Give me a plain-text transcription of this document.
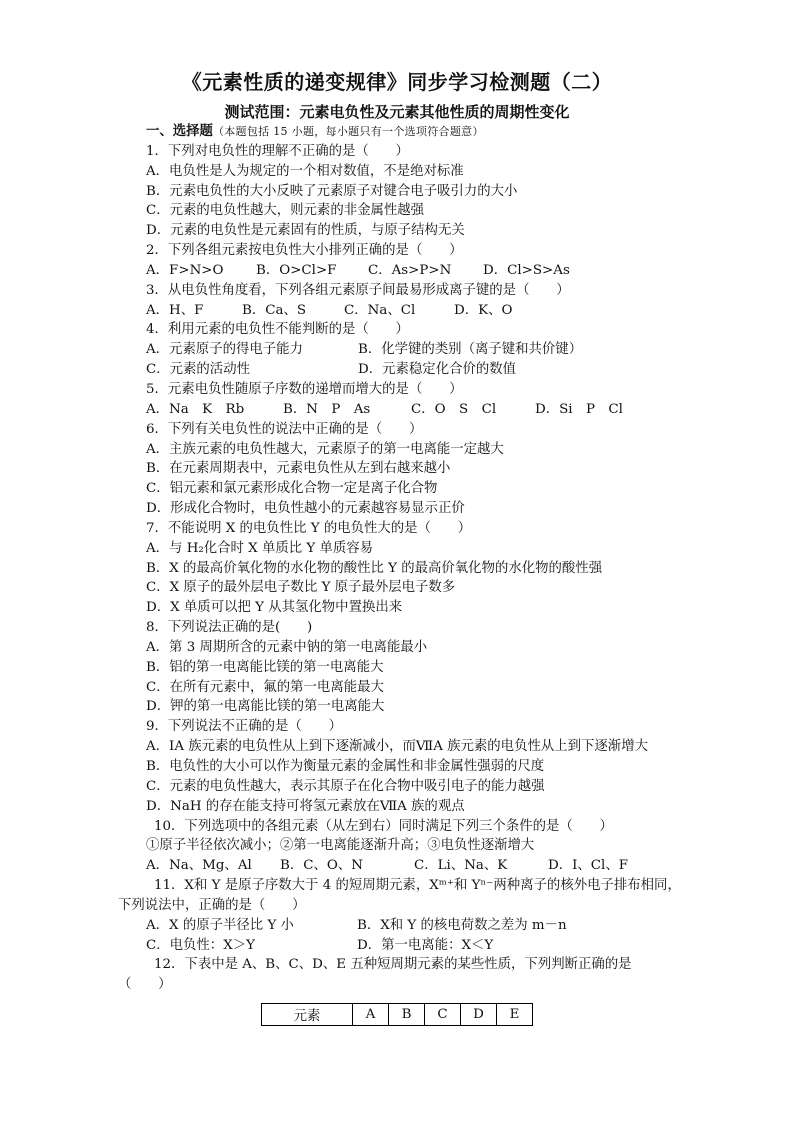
《元素性质的递变规律》同步学习检测题（二）
测试范围：元素电负性及元素其他性质的周期性变化
一、选择题（本题包括 15 小题，每小题只有一个选项符合题意）
1．下列对电负性的理解不正确的是（　　）
A．电负性是人为规定的一个相对数值，不是绝对标准
B．元素电负性的大小反映了元素原子对键合电子吸引力的大小
C．元素的电负性越大，则元素的非金属性越强
D．元素的电负性是元素固有的性质，与原子结构无关
2．下列各组元素按电负性大小排列正确的是（　　）
A．F>N>O B．O>Cl>F C．As>P>N D．Cl>S>As
3．从电负性角度看，下列各组元素原子间最易形成离子键的是（　　）
A．H、F	B．Ca、S	C．Na、Cl	D．K、O
4．利用元素的电负性不能判断的是（　　）
A．元素原子的得电子能力	B．化学键的类别（离子键和共价键）
C．元素的活动性	D．元素稳定化合价的数值
5．元素电负性随原子序数的递增而增大的是（　　）
A．Na　K　Rb	B．N　P　As	C．O　S　Cl	D．Si　P　Cl
6．下列有关电负性的说法中正确的是（　　）
A．主族元素的电负性越大，元素原子的第一电离能一定越大
B．在元素周期表中，元素电负性从左到右越来越小
C．铝元素和氯元素形成化合物一定是离子化合物
D．形成化合物时，电负性越小的元素越容易显示正价
7．不能说明 X 的电负性比 Y 的电负性大的是（　　）
A．与 H₂化合时 X 单质比 Y 单质容易
B．X 的最高价氧化物的水化物的酸性比 Y 的最高价氧化物的水化物的酸性强
C．X 原子的最外层电子数比 Y 原子最外层电子数多
D．X 单质可以把 Y 从其氢化物中置换出来
8．下列说法正确的是(　　)
A．第 3 周期所含的元素中钠的第一电离能最小
B．铝的第一电离能比镁的第一电离能大
C．在所有元素中，氟的第一电离能最大
D．钾的第一电离能比镁的第一电离能大
9．下列说法不正确的是（　　）
A．ⅠA 族元素的电负性从上到下逐渐减小，而ⅦA 族元素的电负性从上到下逐渐增大
B．电负性的大小可以作为衡量元素的金属性和非金属性强弱的尺度
C．元素的电负性越大，表示其原子在化合物中吸引电子的能力越强
D．NaH 的存在能支持可将氢元素放在ⅦA 族的观点
10．下列选项中的各组元素（从左到右）同时满足下列三个条件的是（　　）
①原子半径依次减小；②第一电离能逐渐升高；③电负性逐渐增大
A．Na、Mg、Al B．C、O、N	C．Li、Na、K	D．I、Cl、F
11．X和 Y 是原子序数大于 4 的短周期元素，Xᵐ⁺和 Yⁿ⁻两种离子的核外电子排布相同，
下列说法中，正确的是（　　）
A．X 的原子半径比 Y 小	B．X和 Y 的核电荷数之差为 m－n
C．电负性：X＞Y	D．第一电离能：X＜Y
12．下表中是 A、B、C、D、E 五种短周期元素的某些性质，下列判断正确的是
（　　）
元素	A	B	C	D	E
